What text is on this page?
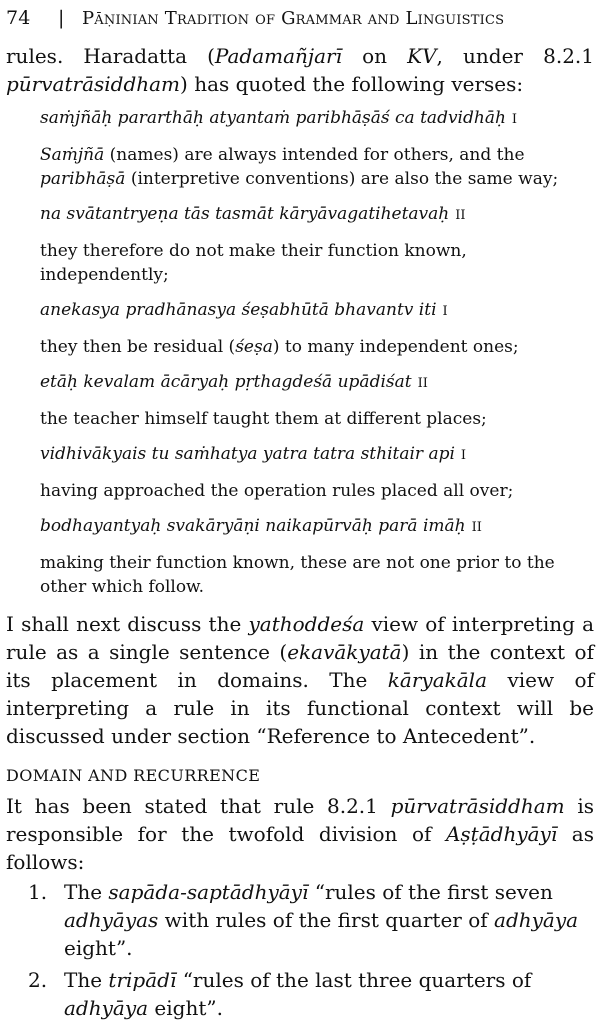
74 | Pāṇinian Tradition of Grammar and Linguistics

rules. Haradatta (Padamañjarī on KV, under 8.2.1 pūrvatrāsiddham) has quoted the following verses:

saṁjñāḥ pararthāḥ atyantaṁ paribhāṣāś ca tadvidhāḥ I

Saṁjñā (names) are always intended for others, and the paribhāṣā (interpretive conventions) are also the same way;

na svātantryeṇa tās tasmāt kāryāvagatihetavaḥ II

they therefore do not make their function known, independently;

anekasya pradhānasya śeṣabhūtā bhavantv iti I

they then be residual (śeṣa) to many independent ones;

etāḥ kevalam ācāryaḥ pṛthagdeśā upādiśat II

the teacher himself taught them at different places;

vidhivākyais tu saṁhatya yatra tatra sthitair api I

having approached the operation rules placed all over;

bodhayantyaḥ svakāryāṇi naikapūrvāḥ parā imāḥ II

making their function known, these are not one prior to the other which follow.

I shall next discuss the yathoddeśa view of interpreting a rule as a single sentence (ekavākyatā) in the context of its placement in domains. The kāryakāla view of interpreting a rule in its functional context will be discussed under section “Reference to Antecedent”.

DOMAIN AND RECURRENCE

It has been stated that rule 8.2.1 pūrvatrāsiddham is responsible for the twofold division of Aṣṭādhyāyī as follows:

1. The sapāda-saptādhyāyī “rules of the first seven adhyāyas with rules of the first quarter of adhyāya eight”.
2. The tripādī “rules of the last three quarters of adhyāya eight”.
